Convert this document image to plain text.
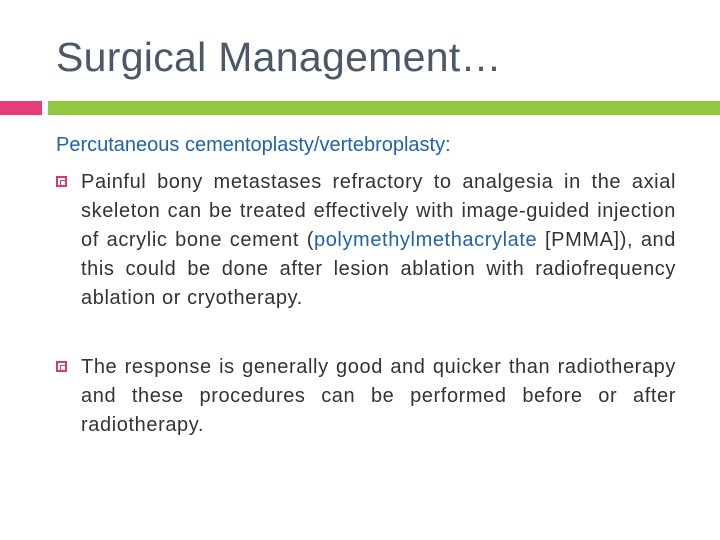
Surgical Management…
Percutaneous cementoplasty/vertebroplasty:
Painful bony metastases refractory to analgesia in the axial skeleton can be treated effectively with image-guided injection of acrylic bone cement (polymethylmethacrylate [PMMA]), and this could be done after lesion ablation with radiofrequency ablation or cryotherapy.
The response is generally good and quicker than radiotherapy and these procedures can be performed before or after radiotherapy.
